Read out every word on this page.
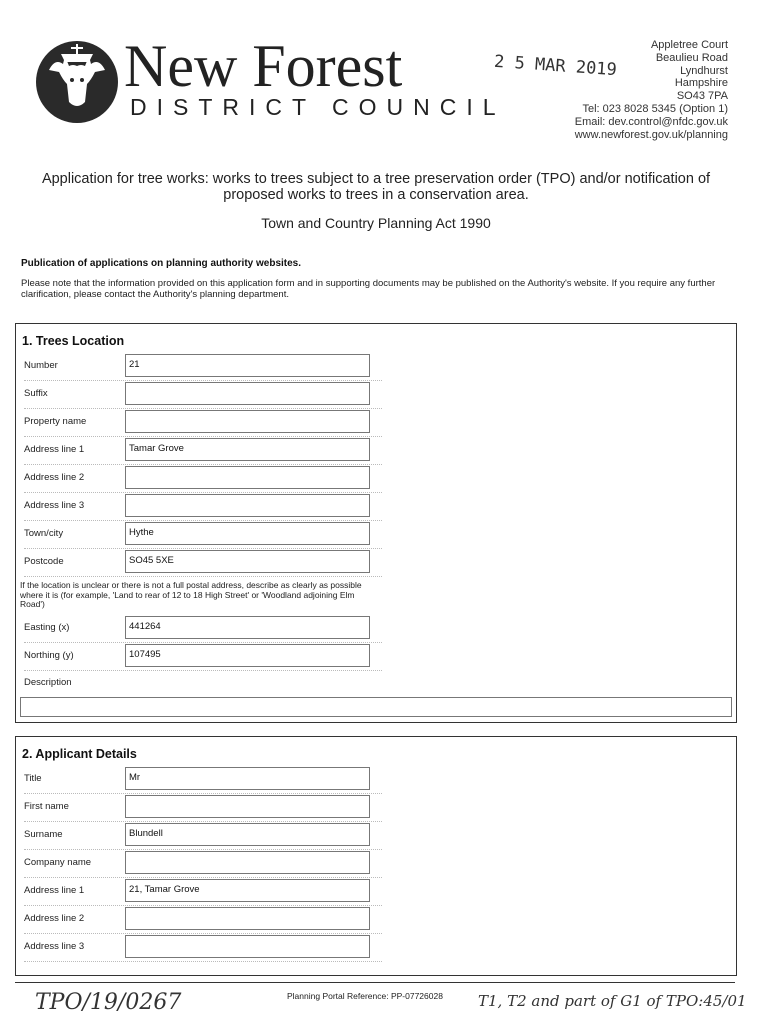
New Forest
DISTRICT COUNCIL
2 5 MAR 2019
Appletree Court
Beaulieu Road
Lyndhurst
Hampshire
SO43 7PA
Tel: 023 8028 5345 (Option 1)
Email: dev.control@nfdc.gov.uk
www.newforest.gov.uk/planning
Application for tree works: works to trees subject to a tree preservation order (TPO) and/or notification of proposed works to trees in a conservation area.
Town and Country Planning Act 1990
Publication of applications on planning authority websites.
Please note that the information provided on this application form and in supporting documents may be published on the Authority's website. If you require any further clarification, please contact the Authority's planning department.
1. Trees Location
Number	21
Suffix
Property name
Address line 1	Tamar Grove
Address line 2
Address line 3
Town/city	Hythe
Postcode	SO45 5XE
If the location is unclear or there is not a full postal address, describe as clearly as possible where it is (for example, 'Land to rear of 12 to 18 High Street' or 'Woodland adjoining Elm Road')
Easting (x)	441264
Northing (y)	107495
Description
2. Applicant Details
Title	Mr
First name
Surname	Blundell
Company name
Address line 1	21, Tamar Grove
Address line 2
Address line 3
TPO/19/0267	Planning Portal Reference: PP-07726028 T1, T2 and part of G1 of TPO:45/01
